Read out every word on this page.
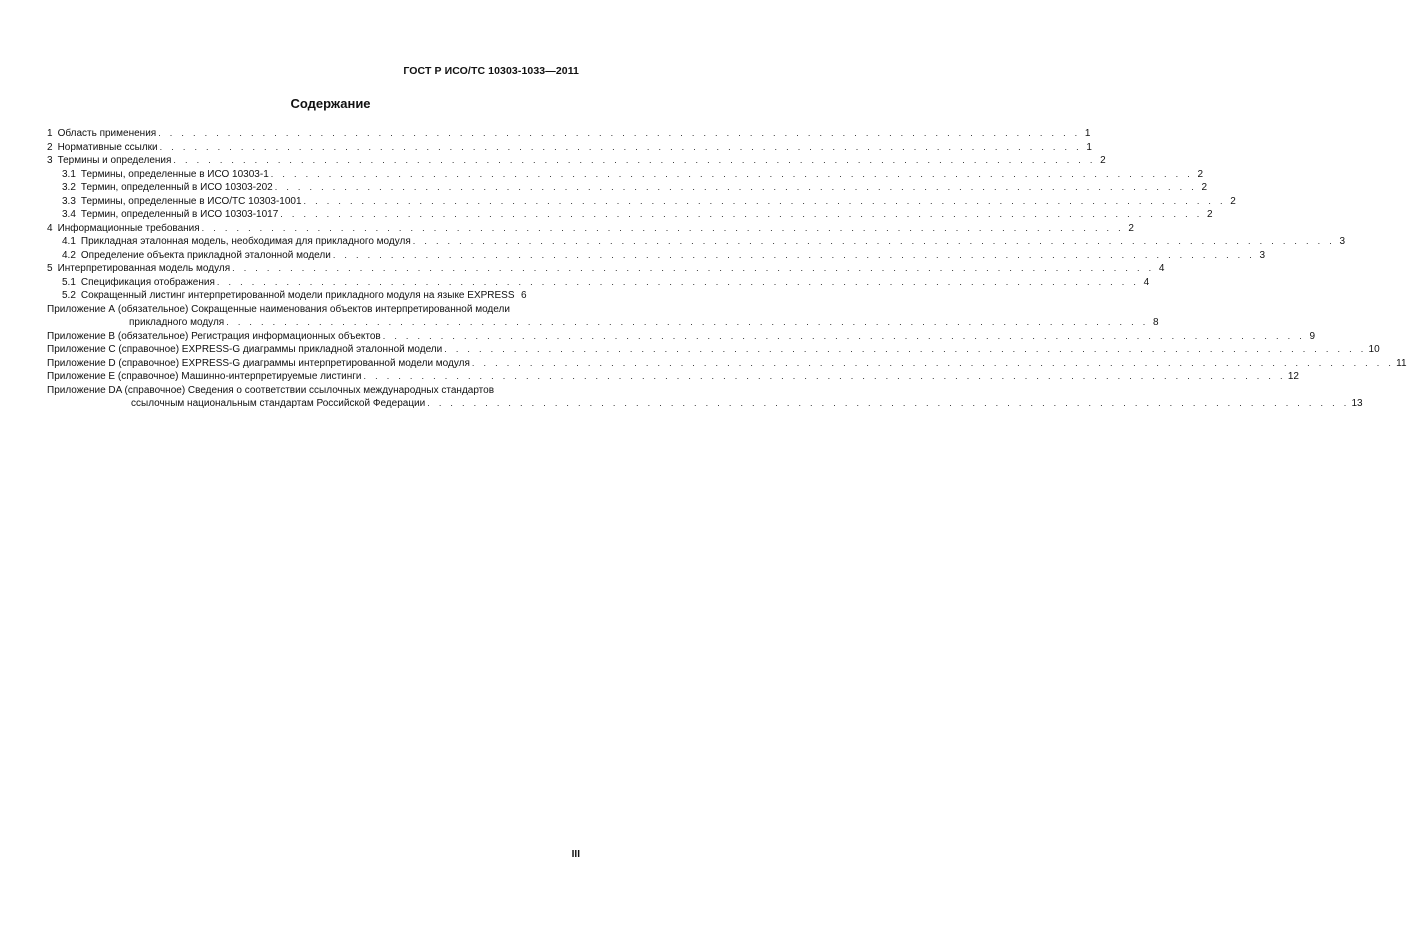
ГОСТ Р ИСО/ТС 10303-1033—2011
Содержание
1 Область применения . . .	1
2 Нормативные ссылки . . .	1
3 Термины и определения . . .	2
3.1 Термины, определенные в ИСО 10303-1 . . .	2
3.2 Термин, определенный в ИСО 10303-202 . . .	2
3.3 Термины, определенные в ИСО/ТС 10303-1001 . . .	2
3.4 Термин, определенный в ИСО 10303-1017 . . .	2
4 Информационные требования . . .	2
4.1 Прикладная эталонная модель, необходимая для прикладного модуля . . .	3
4.2 Определение объекта прикладной эталонной модели . . .	3
5 Интерпретированная модель модуля . . .	4
5.1 Спецификация отображения . . .	4
5.2 Сокращенный листинг интерпретированной модели прикладного модуля на языке EXPRESS 6
Приложение А (обязательное) Сокращенные наименования объектов интерпретированной модели
прикладного модуля . . .	8
Приложение В (обязательное) Регистрация информационных объектов . . .	9
Приложение С (справочное) EXPRESS-G диаграммы прикладной эталонной модели . . .	10
Приложение D (справочное) EXPRESS-G диаграммы интерпретированной модели модуля . . .	11
Приложение Е (справочное) Машинно-интерпретируемые листинги . . .	12
Приложение DA (справочное) Сведения о соответствии ссылочных международных стандартов
ссылочным национальным стандартам Российской Федерации . . .	13
III
